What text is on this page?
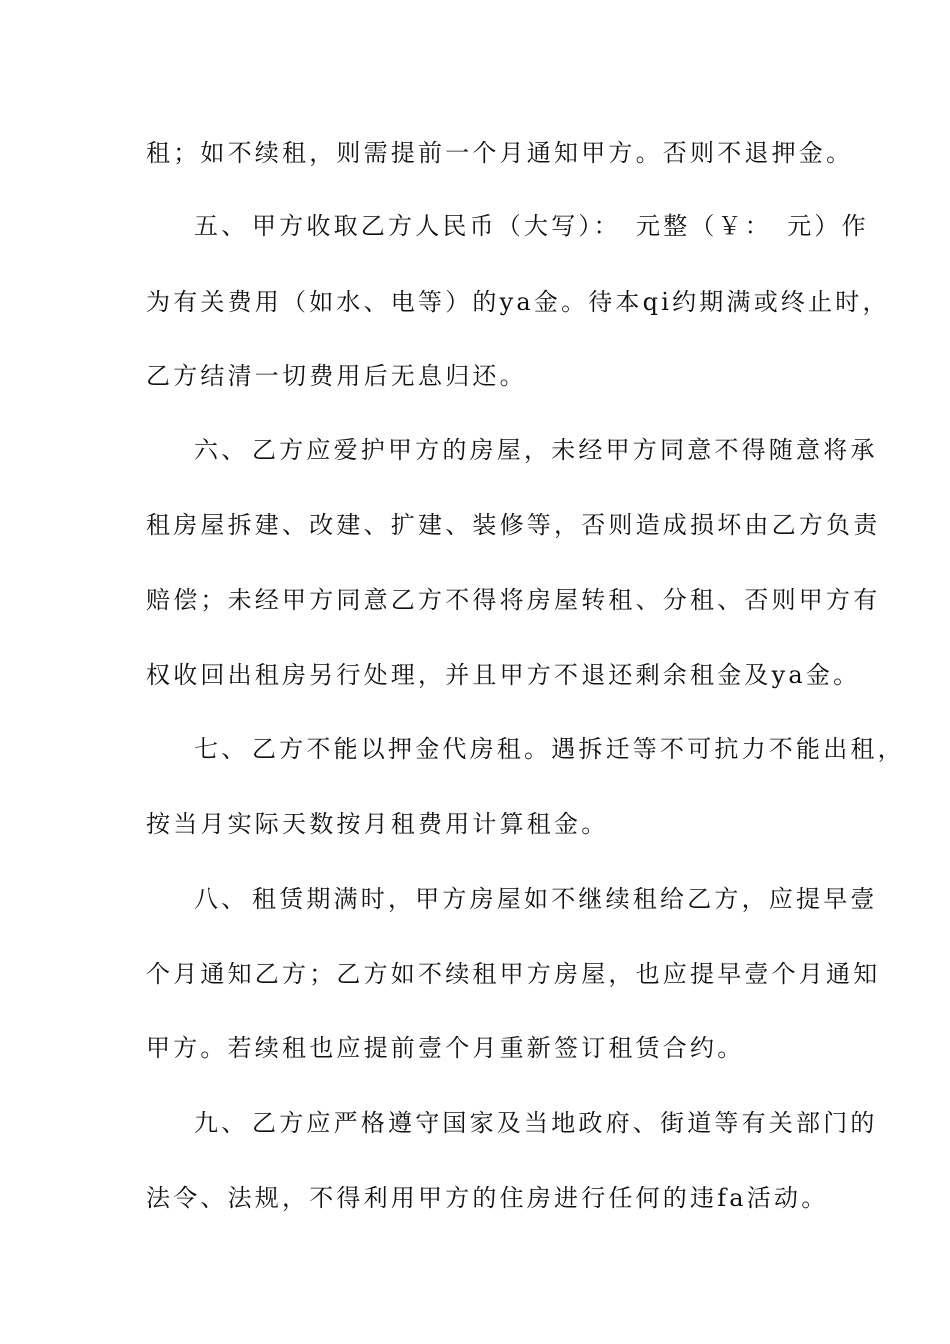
租；如不续租，则需提前一个月通知甲方。否则不退押金。
五、 甲方收取乙方人民币（大写）：　元整（￥：　元）作
为有关费用（如水、电等）的ya金。待本qi约期满或终止时，
乙方结清一切费用后无息归还。
六、 乙方应爱护甲方的房屋，未经甲方同意不得随意将承
租房屋拆建、改建、扩建、装修等，否则造成损坏由乙方负责
赔偿；未经甲方同意乙方不得将房屋转租、分租、否则甲方有
权收回出租房另行处理，并且甲方不退还剩余租金及ya金。
七、 乙方不能以押金代房租。遇拆迁等不可抗力不能出租，
按当月实际天数按月租费用计算租金。
八、 租赁期满时，甲方房屋如不继续租给乙方，应提早壹
个月通知乙方；乙方如不续租甲方房屋，也应提早壹个月通知
甲方。若续租也应提前壹个月重新签订租赁合约。
九、 乙方应严格遵守国家及当地政府、街道等有关部门的
法令、法规，不得利用甲方的住房进行任何的违fa活动。
